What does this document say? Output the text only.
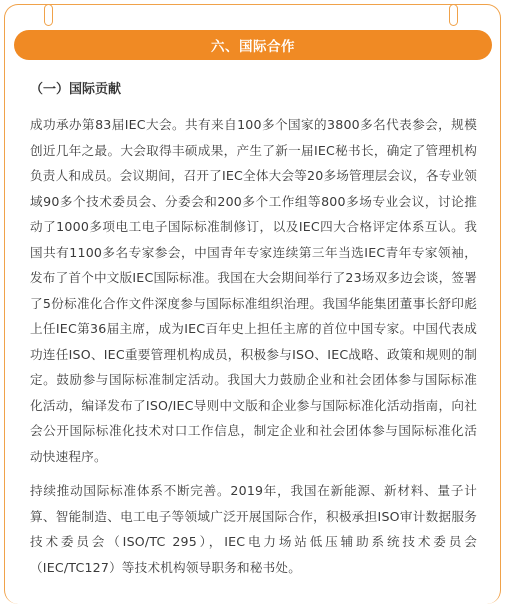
六、国际合作
（一）国际贡献

成功承办第83届IEC大会。共有来自100多个国家的3800多名代表参会，规模创近几年之最。大会取得丰硕成果，产生了新一届IEC秘书长，确定了管理机构负责人和成员。会议期间，召开了IEC全体大会等20多场管理层会议，各专业领域90多个技术委员会、分委会和200多个工作组等800多场专业会议，讨论推动了1000多项电工电子国际标准制修订，以及IEC四大合格评定体系互认。我国共有1100多名专家参会，中国青年专家连续第三年当选IEC青年专家领袖，发布了首个中文版IEC国际标准。我国在大会期间举行了23场双多边会谈，签署了5份标准化合作文件深度参与国际标准组织治理。我国华能集团董事长舒印彪上任IEC第36届主席，成为IEC百年史上担任主席的首位中国专家。中国代表成功连任ISO、IEC重要管理机构成员，积极参与ISO、IEC战略、政策和规则的制定。鼓励参与国际标准制定活动。我国大力鼓励企业和社会团体参与国际标准化活动，编译发布了ISO/IEC导则中文版和企业参与国际标准化活动指南，向社会公开国际标准化技术对口工作信息，制定企业和社会团体参与国际标准化活动快速程序。

持续推动国际标准体系不断完善。2019年，我国在新能源、新材料、量子计算、智能制造、电工电子等领域广泛开展国际合作，积极承担ISO审计数据服务技术委员会（ISO/TC 295），IEC电力场站低压辅助系统技术委员会（IEC/TC127）等技术机构领导职务和秘书处。
